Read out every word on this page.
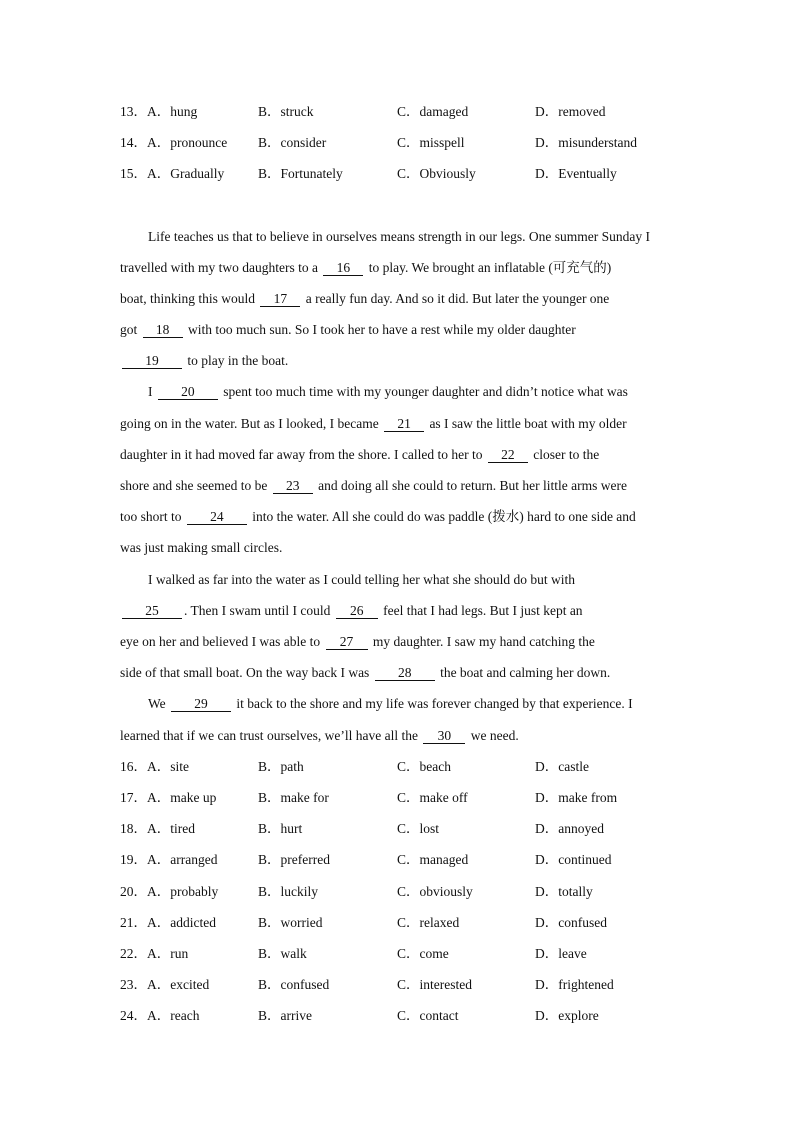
13．A．hung	B．struck	C．damaged	D．removed
14．A．pronounce B．consider	C．misspell	D．misunderstand
15．A．Gradually	B．Fortunately	C．Obviously	D．Eventually
Life teaches us that to believe in ourselves means strength in our legs. One summer Sunday I
travelled with my two daughters to a 16 to play. We brought an inflatable (可充气的)
boat, thinking this would 17 a really fun day. And so it did. But later the younger one
got 18 with too much sun. So I took her to have a rest while my older daughter
19 to play in the boat.
I 20 spent too much time with my younger daughter and didn’t notice what was
going on in the water. But as I looked, I became 21 as I saw the little boat with my older
daughter in it had moved far away from the shore. I called to her to 22 closer to the
shore and she seemed to be 23 and doing all she could to return. But her little arms were
too short to 24 into the water. All she could do was paddle (拨水) hard to one side and
was just making small circles.
I walked as far into the water as I could telling her what she should do but with
25 . Then I swam until I could 26 feel that I had legs. But I just kept an
eye on her and believed I was able to 27 my daughter. I saw my hand catching the
side of that small boat. On the way back I was 28 the boat and calming her down.
We 29 it back to the shore and my life was forever changed by that experience. I
learned that if we can trust ourselves, we’ll have all the 30 we need.
16．A．site	B．path	C．beach	D．castle
17．A．make up	B．make for	C．make off	D．make from
18．A．tired	B．hurt	C．lost	D．annoyed
19．A．arranged	B．preferred	C．managed	D．continued
20．A．probably	B．luckily	C．obviously	D．totally
21．A．addicted	B．worried	C．relaxed	D．confused
22．A．run	B．walk	C．come	D．leave
23．A．excited	B．confused	C．interested	D．frightened
24．A．reach	B．arrive	C．contact	D．explore
